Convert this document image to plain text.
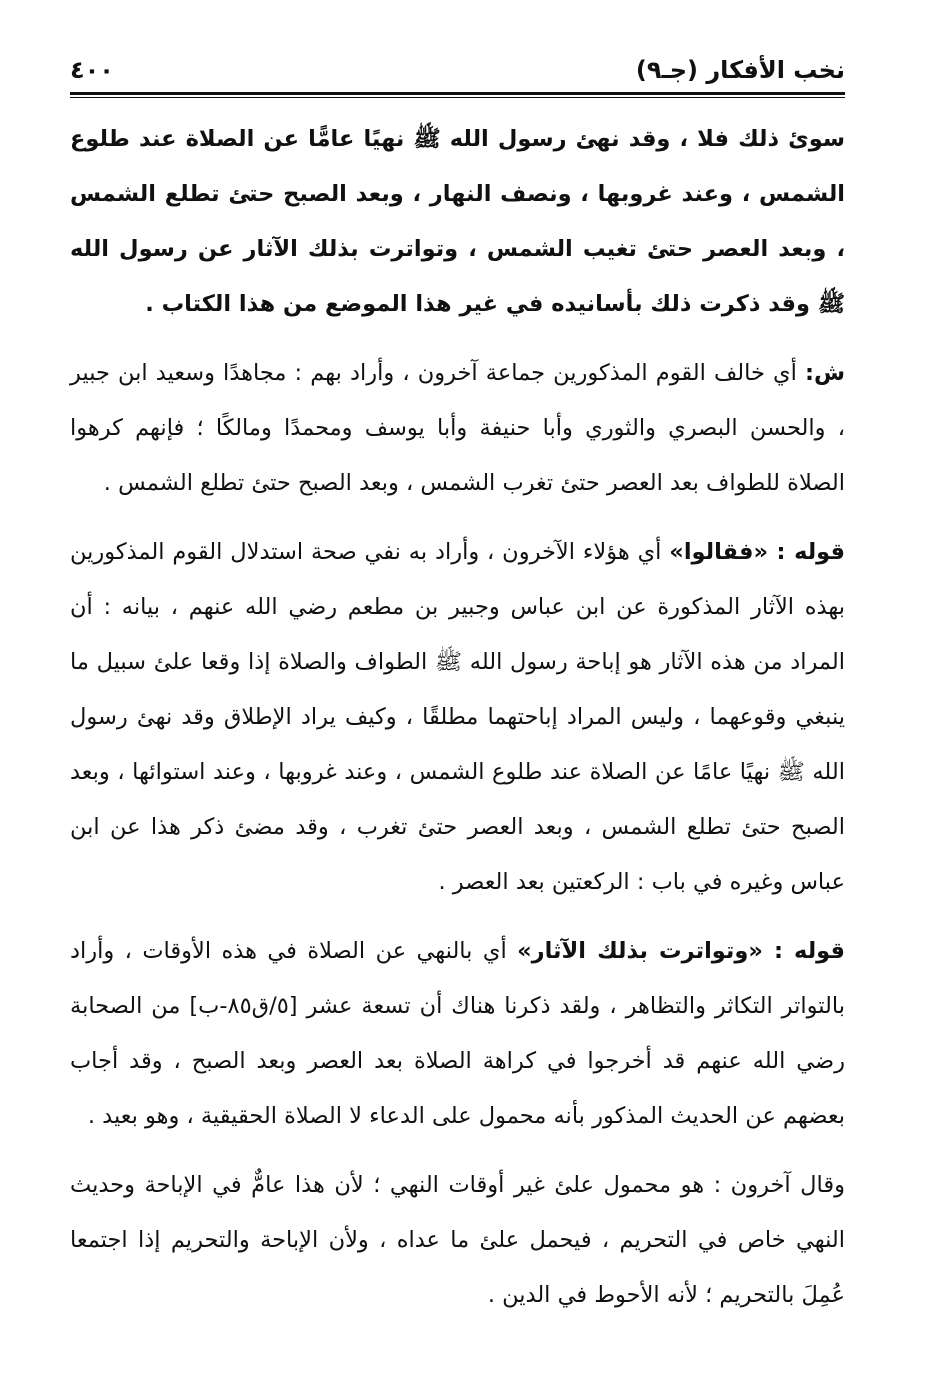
نخب الأفكار (جـ٩)
٤٠٠

سوئ ذلك فلا ، وقد نهئ رسول الله ﷺ نهيًا عامًّا عن الصلاة عند طلوع الشمس ، وعند غروبها ، ونصف النهار ، وبعد الصبح حتئ تطلع الشمس ، وبعد العصر حتئ تغيب الشمس ، وتواترت بذلك الآثار عن رسول الله ﷺ وقد ذكرت ذلك بأسانيده في غير هذا الموضع من هذا الكتاب .

ش: أي خالف القوم المذكورين جماعة آخرون ، وأراد بهم : مجاهدًا وسعيد ابن جبير ، والحسن البصري والثوري وأبا حنيفة وأبا يوسف ومحمدًا ومالكًا ؛ فإنهم كرهوا الصلاة للطواف بعد العصر حتئ تغرب الشمس ، وبعد الصبح حتئ تطلع الشمس .

قوله : «فقالوا» أي هؤلاء الآخرون ، وأراد به نفي صحة استدلال القوم المذكورين بهذه الآثار المذكورة عن ابن عباس وجبير بن مطعم رضي الله عنهم ، بيانه : أن المراد من هذه الآثار هو إباحة رسول الله ﷺ الطواف والصلاة إذا وقعا علئ سبيل ما ينبغي وقوعهما ، وليس المراد إباحتهما مطلقًا ، وكيف يراد الإطلاق وقد نهئ رسول الله ﷺ نهيًا عامًا عن الصلاة عند طلوع الشمس ، وعند غروبها ، وعند استوائها ، وبعد الصبح حتئ تطلع الشمس ، وبعد العصر حتئ تغرب ، وقد مضئ ذكر هذا عن ابن عباس وغيره في باب : الركعتين بعد العصر .

قوله : «وتواترت بذلك الآثار» أي بالنهي عن الصلاة في هذه الأوقات ، وأراد بالتواتر التكاثر والتظاهر ، ولقد ذكرنا هناك أن تسعة عشر [٥/ق٨٥-ب] من الصحابة رضي الله عنهم قد أخرجوا في كراهة الصلاة بعد العصر وبعد الصبح ، وقد أجاب بعضهم عن الحديث المذكور بأنه محمول على الدعاء لا الصلاة الحقيقية ، وهو بعيد .

وقال آخرون : هو محمول علئ غير أوقات النهي ؛ لأن هذا عامٌّ في الإباحة وحديث النهي خاص في التحريم ، فيحمل علئ ما عداه ، ولأن الإباحة والتحريم إذا اجتمعا عُمِلَ بالتحريم ؛ لأنه الأحوط في الدين .
